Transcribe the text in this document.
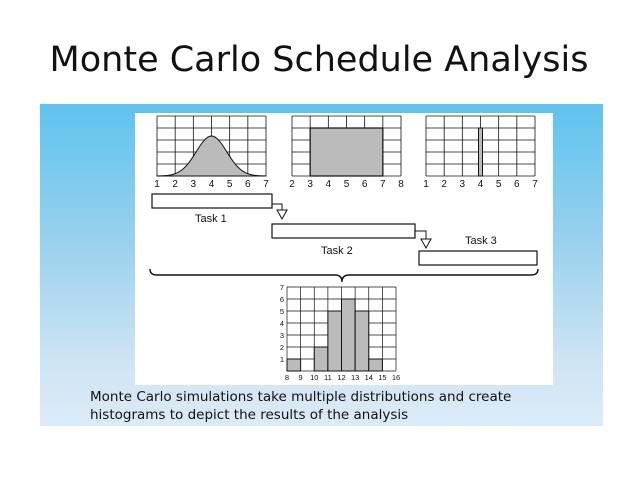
Monte Carlo Schedule Analysis
1 2 3 4 5 6 7 2 3 4 5 6 7 8 1 2 3 4 5 6 7
Task 1
Task 2
Task 3
8 9 10 11 12 13 14 15 16
1
2
3
4
5
6
7
Monte Carlo simulations take multiple distributions and create
histograms to depict the results of the analysis
